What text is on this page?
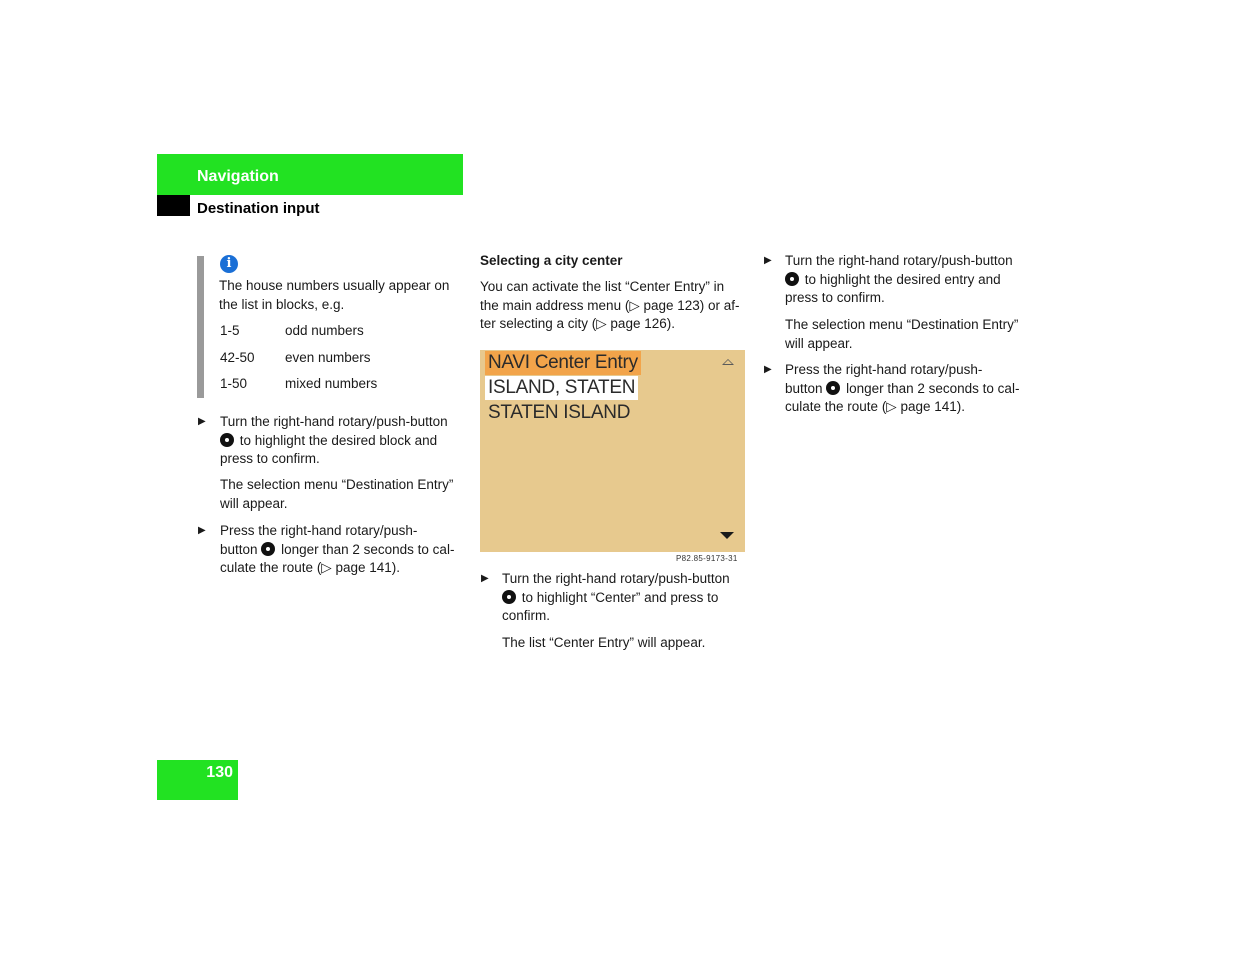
Navigation
Destination input
i

The house numbers usually appear on the list in blocks, e.g.

1-5	odd numbers
42-50 even numbers
1-50	mixed numbers
▶ Turn the right-hand rotary/push-button
to highlight the desired block and
press to confirm.
The selection menu “Destination Entry”
will appear.
▶ Press the right-hand rotary/push-
button longer than 2 seconds to cal-
culate the route (▷ page 141).
Selecting a city center
You can activate the list “Center Entry” in
the main address menu (▷ page 123) or af-
ter selecting a city (▷ page 126).
NAVI Center Entry
ISLAND, STATEN
STATEN ISLAND
P82.85-9173-31
▶ Turn the right-hand rotary/push-button
to highlight “Center” and press to
confirm.
The list “Center Entry” will appear.
▶ Turn the right-hand rotary/push-button
to highlight the desired entry and
press to confirm.
The selection menu “Destination Entry”
will appear.
▶ Press the right-hand rotary/push-
button longer than 2 seconds to cal-
culate the route (▷ page 141).
130
